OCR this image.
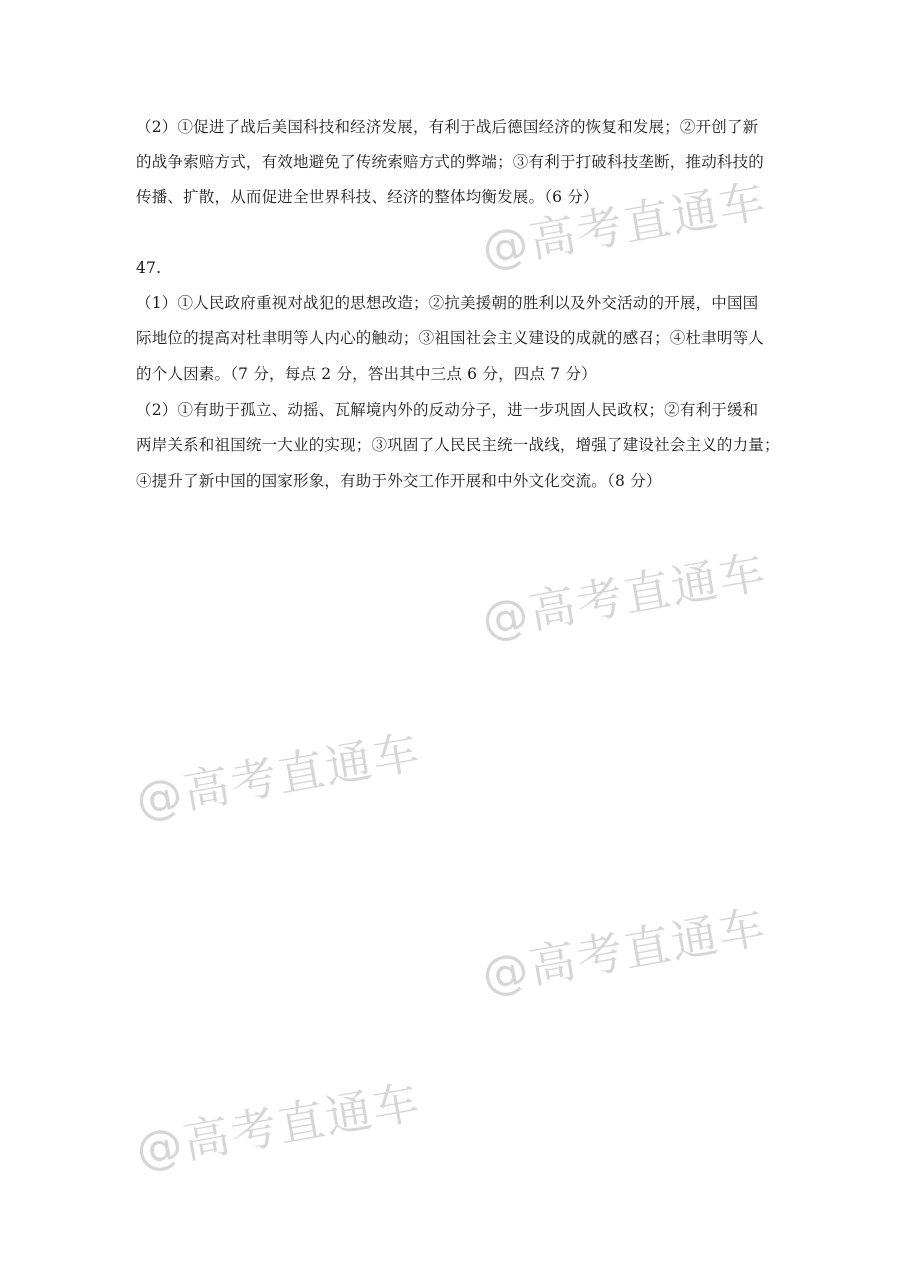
（2）①促进了战后美国科技和经济发展，有利于战后德国经济的恢复和发展；②开创了新
的战争索赔方式，有效地避免了传统索赔方式的弊端；③有利于打破科技垄断，推动科技的
传播、扩散，从而促进全世界科技、经济的整体均衡发展。（6 分）
47.
（1）①人民政府重视对战犯的思想改造；②抗美援朝的胜利以及外交活动的开展，中国国
际地位的提高对杜聿明等人内心的触动；③祖国社会主义建设的成就的感召；④杜聿明等人
的个人因素。（7 分，每点 2 分，答出其中三点 6 分，四点 7 分）
（2）①有助于孤立、动摇、瓦解境内外的反动分子，进一步巩固人民政权；②有利于缓和
两岸关系和祖国统一大业的实现；③巩固了人民民主统一战线，增强了建设社会主义的力量；
④提升了新中国的国家形象，有助于外交工作开展和中外文化交流。（8 分）
@高考直通车
@高考直通车
@高考直通车
@高考直通车
@高考直通车
